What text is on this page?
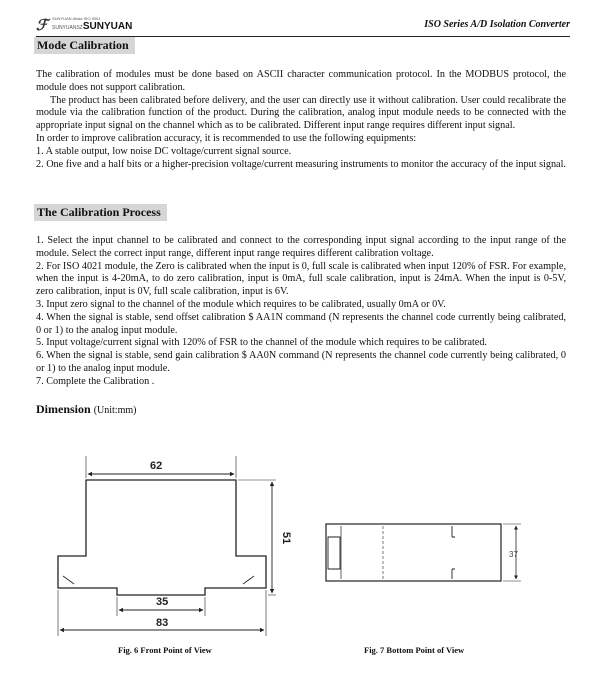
ℱ	SUNYUAN Ahsia ISO 9001
SUNYUANSZSUNYUAN	ISO Series A/D Isolation Converter
Mode Calibration

The calibration of modules must be done based on ASCII character communication protocol. In the MODBUS protocol, the module does not support calibration.

The product has been calibrated before delivery, and the user can directly use it without calibration. User could recalibrate the module via the calibration function of the product. During the calibration, analog input module needs to be connected with the appropriate input signal on the channel which as to be calibrated. Different input range requires different input signal.

In order to improve calibration accuracy, it is recommended to use the following equipments:

1. A stable output, low noise DC voltage/current signal source.

2. One five and a half bits or a higher-precision voltage/current measuring instruments to monitor the accuracy of the input signal.

The Calibration Process

1. Select the input channel to be calibrated and connect to the corresponding input signal according to the input range of the module. Select the correct input range, different input range requires different calibration voltage.

2. For ISO 4021 module, the Zero is calibrated when the input is 0, full scale is calibrated when input 120% of FSR. For example, when the input is 4-20mA, to do zero calibration, input is 0mA, full scale calibration, input is 24mA. When the input is 0-5V, zero calibration, input is 0V, full scale calibration, input is 6V.

3. Input zero signal to the channel of the module which requires to be calibrated, usually 0mA or 0V.

4. When the signal is stable, send offset calibration $ AA1N command (N represents the channel code currently being calibrated, 0 or 1) to the analog input module.

5. Input voltage/current signal with 120% of FSR to the channel of the module which requires to be calibrated.

6. When the signal is stable, send gain calibration $ AA0N command (N represents the channel code currently being calibrated, 0 or 1) to the analog input module.

7. Complete the Calibration .

Dimension (Unit:mm)
62
51
35
83
37
Fig. 6 Front Point of View	Fig. 7 Bottom Point of View
